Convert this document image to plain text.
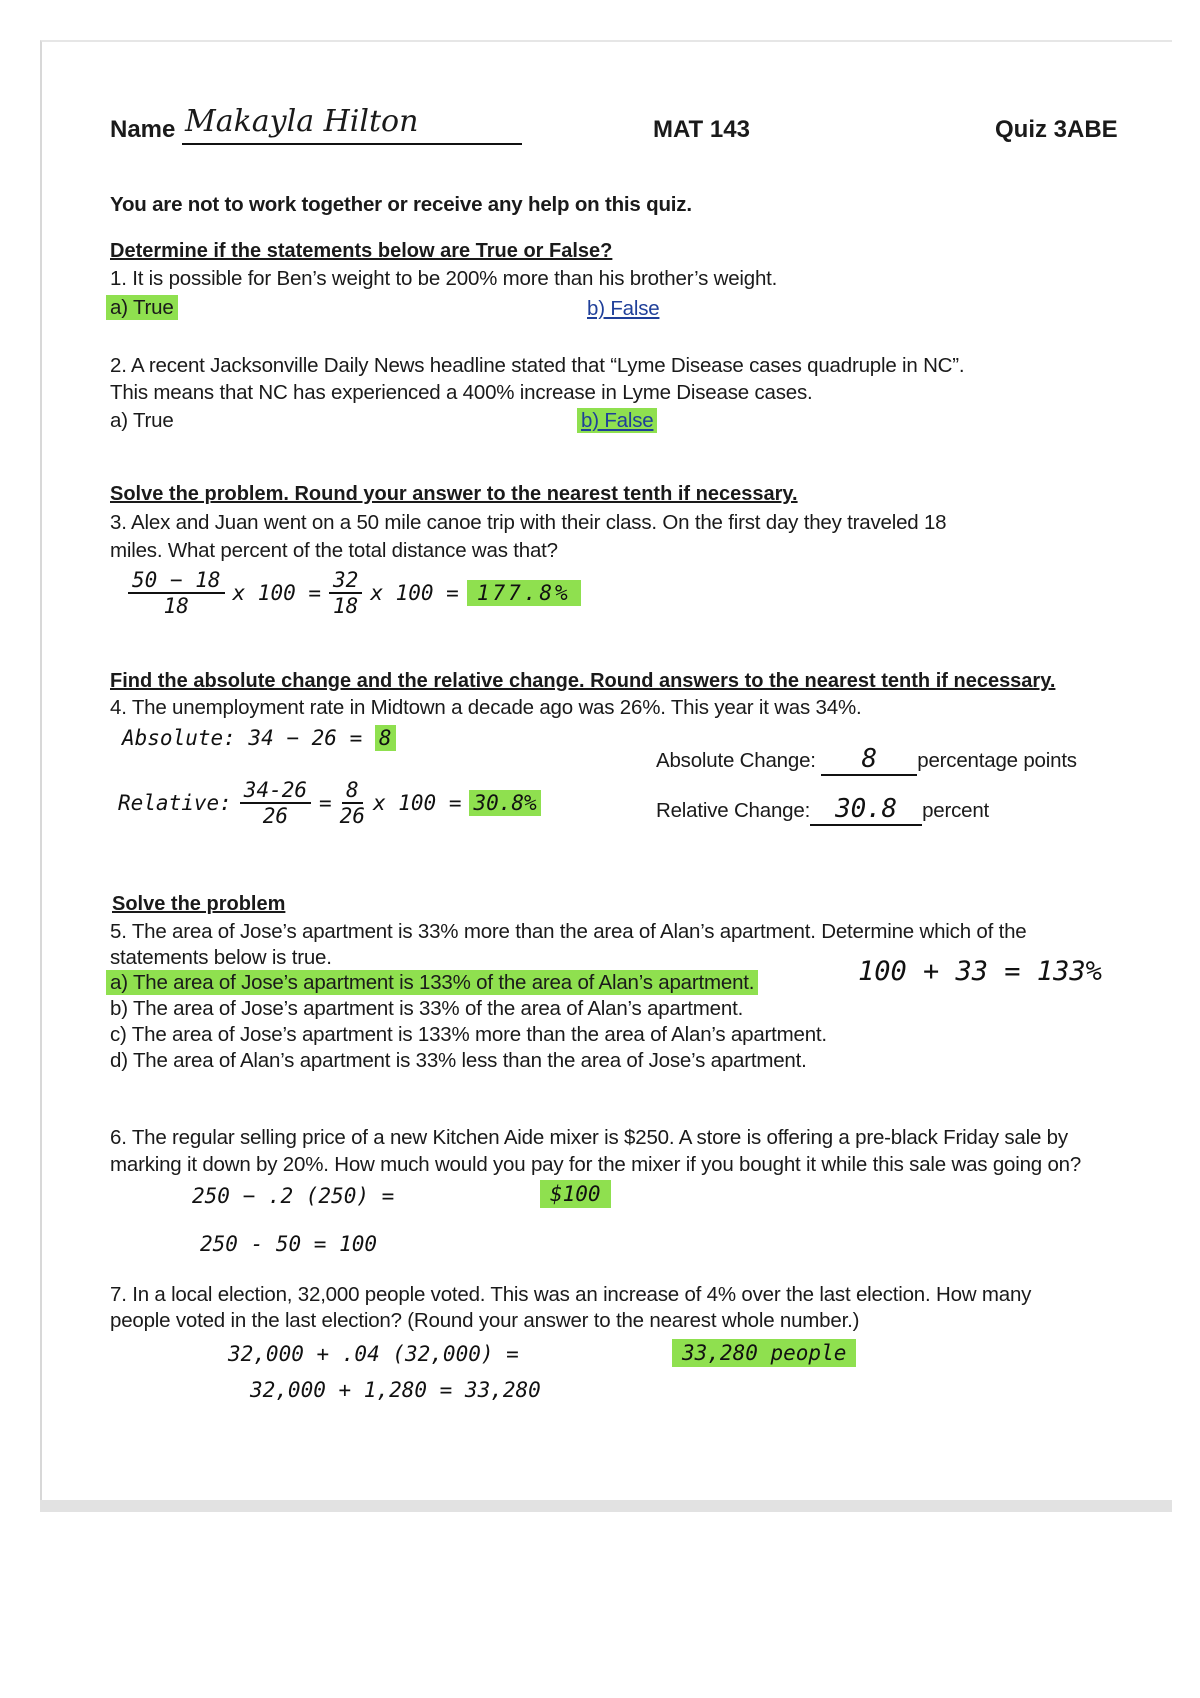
Name Makayla Hilton	MAT 143	Quiz 3ABE
You are not to work together or receive any help on this quiz.
Determine if the statements below are True or False?
1. It is possible for Ben’s weight to be 200% more than his brother’s weight.
a) True	b) False
2. A recent Jacksonville Daily News headline stated that “Lyme Disease cases quadruple in NC”.
This means that NC has experienced a 400% increase in Lyme Disease cases.
a) True	b) False
Solve the problem. Round your answer to the nearest tenth if necessary.
3. Alex and Juan went on a 50 mile canoe trip with their class. On the first day they traveled 18
miles. What percent of the total distance was that?
$\frac{50 - 18}{18}$ x $100 = \frac{32}{18}$ x 100 = 177.8%
Find the absolute change and the relative change. Round answers to the nearest tenth if necessary.
4. The unemployment rate in Midtown a decade ago was 26%. This year it was 34%.
Absolute: 34 − 26 = 8
Relative: $\frac{34-26}{26} = \frac{8}{26}$ x 100 = 30.8%
Absolute Change: 8 percentage points
Relative Change: 30.8 percent
Solve the problem
5. The area of Jose’s apartment is 33% more than the area of Alan’s apartment. Determine which of the
statements below is true.
a) The area of Jose’s apartment is 133% of the area of Alan’s apartment.
b) The area of Jose’s apartment is 33% of the area of Alan’s apartment.
c) The area of Jose’s apartment is 133% more than the area of Alan’s apartment.
d) The area of Alan’s apartment is 33% less than the area of Jose’s apartment.
100 + 33 = 133%
6. The regular selling price of a new Kitchen Aide mixer is $250. A store is offering a pre-black Friday sale by
marking it down by 20%. How much would you pay for the mixer if you bought it while this sale was going on?
250 − .2 (250) =	$100
250 - 50 = 100
7. In a local election, 32,000 people voted. This was an increase of 4% over the last election. How many
people voted in the last election? (Round your answer to the nearest whole number.)
32,000 + .04 (32,000) =	33,280 people
32,000 + 1,280 = 33,280
